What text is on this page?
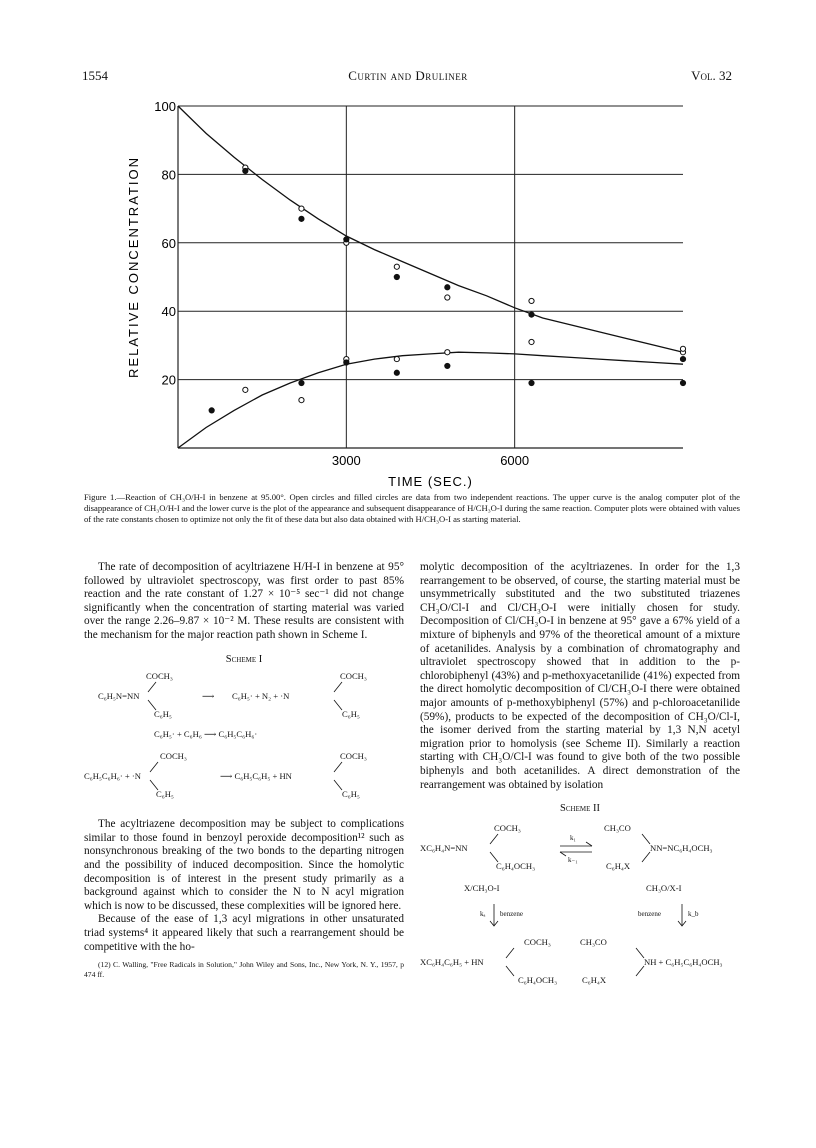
1554	Curtin and Druliner	Vol. 32
100
80
60
40
20
3000	6000
TIME (SEC.)
RELATIVE CONCENTRATION
Figure 1.—Reaction of CH₃O/H-I in benzene at 95.00°. Open circles and filled circles are data from two independent reactions. The upper curve is the analog computer plot of the disappearance of CH₃O/H-I and the lower curve is the plot of the appearance and subsequent disappearance of H/CH₃O-I during the same reaction. Computer plots were obtained with values of the rate constants chosen to optimize not only the fit of these data but also data obtained with H/CH₃O-I as starting material.

The rate of decomposition of acyltriazene H/H-I in benzene at 95° followed by ultraviolet spectroscopy, was first order to past 85% reaction and the rate constant of 1.27 × 10⁻⁵ sec⁻¹ did not change significantly when the concentration of starting material was varied over the range 2.26–9.87 × 10⁻² M. These results are consistent with the mechanism for the major reaction path shown in Scheme I.

Scheme I
COCH₃
C₆H₅N=NN
C₆H₅
⟶ C₆H₅· + N₂ + ·N
COCH₃
C₆H₅
C₆H₅· + C₆H₆ ⟶ C₆H₅C₆H₆·
COCH₃
C₆H₅C₆H₆· + ·N
C₆H₅
⟶ C₆H₅C₆H₅ + HN
COCH₃
C₆H₅

The acyltriazene decomposition may be subject to complications similar to those found in benzoyl peroxide decomposition¹² such as nonsynchronous breaking of the two bonds to the departing nitrogen and the possibility of induced decomposition. Since the homolytic decomposition is of interest in the present study primarily as a background against which to consider the N to N acyl migration which is now to be discussed, these complexities will be ignored here.

Because of the ease of 1,3 acyl migrations in other unsaturated triad systems⁴ it appeared likely that such a rearrangement should be competitive with the ho-

(12) C. Walling, "Free Radicals in Solution," John Wiley and Sons, Inc., New York, N. Y., 1957, p 474 ff.

molytic decomposition of the acyltriazenes. In order for the 1,3 rearrangement to be observed, of course, the starting material must be unsymmetrically substituted and the two substituted triazenes CH₃O/Cl-I and Cl/CH₃O-I were initially chosen for study. Decomposition of Cl/CH₃O-I in benzene at 95° gave a 67% yield of a mixture of biphenyls and 97% of the theoretical amount of a mixture of acetanilides. Analysis by a combination of chromatography and ultraviolet spectroscopy showed that in addition to the p-chlorobiphenyl (43%) and p-methoxyacetanilide (41%) expected from the direct homolytic decomposition of Cl/CH₃O-I there were obtained major amounts of p-methoxybiphenyl (57%) and p-chloroacetanilide (59%), products to be expected of the decomposition of CH₃O/Cl-I, the isomer derived from the starting material by 1,3 N,N acetyl migration prior to homolysis (see Scheme II). Similarly a reaction starting with CH₃O/Cl-I was found to give both of the two possible biphenyls and both acetanilides. A direct demonstration of the rearrangement was obtained by isolation

Scheme II
COCH₃
XC₆H₄N=NN
C₆H₄OCH₃
k₁
k₋₁
CH₃CO
NN=NC₆H₄OCH₃
C₆H₄X
X/CH₃O-I	CH₃O/X-I
kₐ benzene	benzene	k_b
COCH₃
XC₆H₄C₆H₅ + HN
C₆H₄OCH₃
CH₃CO
NH + C₆H₅C₆H₄OCH₃
C₆H₄X
